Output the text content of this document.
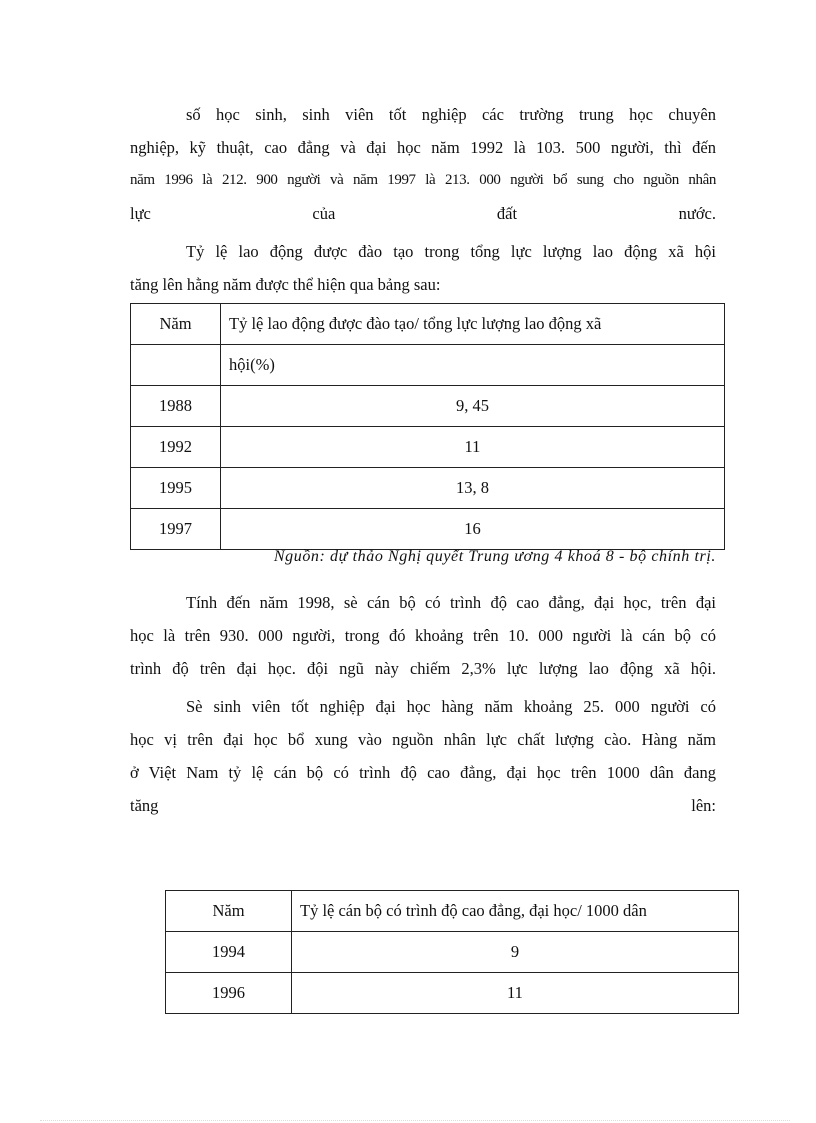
số học sinh, sinh viên tốt nghiệp các trường trung học chuyên
nghiệp, kỹ thuật, cao đẳng và đại học năm 1992 là 103. 500 người, thì đến
năm 1996 là 212. 900 người và năm 1997 là 213. 000 người bổ sung cho nguồn nhân
lực	của	đất	nước.
Tỷ lệ lao động được đào tạo trong tổng lực lượng lao động xã hội
tăng lên hằng năm được thể hiện qua bảng sau:
Năm	Tỷ lệ lao động được đào tạo/ tổng lực lượng lao động xã
	hội(%)
1988	9, 45
1992	11
1995	13, 8
1997	16
Nguồn: dự thảo Nghị quyết Trung ương 4 khoá 8 - bộ chính trị.
Tính đến năm 1998, sè cán bộ có trình độ cao đẳng, đại học, trên đại
học là trên 930. 000 người, trong đó khoảng trên 10. 000 người là cán bộ có
trình độ trên đại học. đội ngũ này chiếm 2,3% lực lượng lao động xã hội.
Sè sinh viên tốt nghiệp đại học hàng năm khoảng 25. 000 người có
học vị trên đại học bổ xung vào nguồn nhân lực chất lượng cào. Hàng năm
ở Việt Nam tỷ lệ cán bộ có trình độ cao đẳng, đại học trên 1000 dân đang
tăng	lên:
Năm	Tỷ lệ cán bộ có trình độ cao đẳng, đại học/ 1000 dân
1994	9
1996	11
